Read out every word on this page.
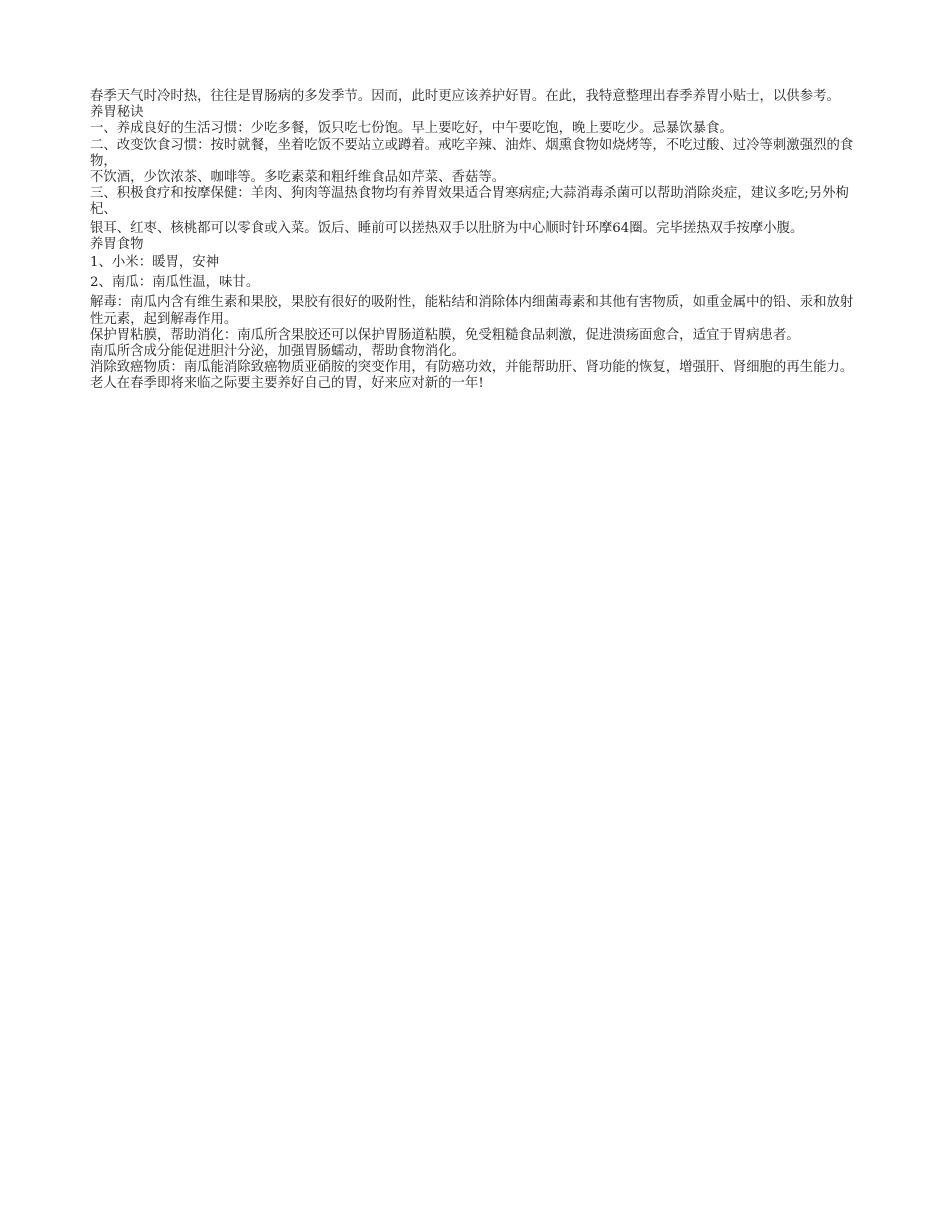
春季天气时冷时热，往往是胃肠病的多发季节。因而，此时更应该养护好胃。在此，我特意整理出春季养胃小贴士，以供参考。

养胃秘诀

一、养成良好的生活习惯：少吃多餐，饭只吃七份饱。早上要吃好，中午要吃饱，晚上要吃少。忌暴饮暴食。

二、改变饮食习惯：按时就餐，坐着吃饭不要站立或蹲着。戒吃辛辣、油炸、烟熏食物如烧烤等，不吃过酸、过冷等刺激强烈的食物，

不饮酒，少饮浓茶、咖啡等。多吃素菜和粗纤维食品如芹菜、香菇等。

三、积极食疗和按摩保健：羊肉、狗肉等温热食物均有养胃效果适合胃寒病症;大蒜消毒杀菌可以帮助消除炎症，建议多吃;另外枸杞、

银耳、红枣、核桃都可以零食或入菜。饭后、睡前可以搓热双手以肚脐为中心顺时针环摩64圈。完毕搓热双手按摩小腹。

养胃食物

1、小米：暖胃，安神

2、南瓜：南瓜性温，味甘。

解毒：南瓜内含有维生素和果胶，果胶有很好的吸附性，能粘结和消除体内细菌毒素和其他有害物质，如重金属中的铅、汞和放射性元素，起到解毒作用。

保护胃粘膜，帮助消化：南瓜所含果胶还可以保护胃肠道粘膜，免受粗糙食品刺激，促进溃疡面愈合，适宜于胃病患者。

南瓜所含成分能促进胆汁分泌，加强胃肠蠕动，帮助食物消化。

消除致癌物质：南瓜能消除致癌物质亚硝胺的突变作用，有防癌功效，并能帮助肝、肾功能的恢复，增强肝、肾细胞的再生能力。

老人在春季即将来临之际要主要养好自己的胃，好来应对新的一年!
